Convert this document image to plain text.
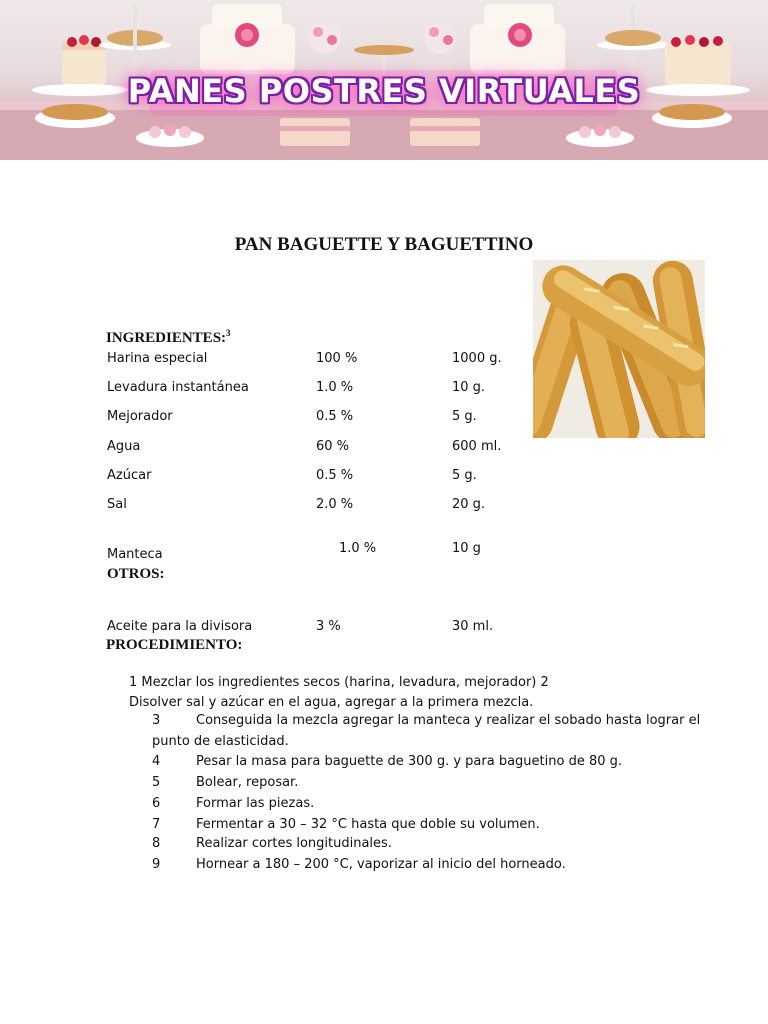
PANES POSTRES VIRTUALES
PAN BAGUETTE Y BAGUETTINO
INGREDIENTES:$^3$
Harina especial	100 %	1000 g.
Levadura instantánea	1.0 %	10 g.
Mejorador	0.5 %	5 g.
Agua	60 %	600 ml.
Azúcar	0.5 %	5 g.
Sal	2.0 %	20 g.
Manteca	1.0 %	10 g
OTROS:
Aceite para la divisora	3 %	30 ml.
PROCEDIMIENTO:
1 Mezclar los ingredientes secos (harina, levadura, mejorador) 2
Disolver sal y azúcar en el agua, agregar a la primera mezcla.
3	Conseguida la mezcla agregar la manteca y realizar el sobado hasta lograr el
punto de elasticidad.
4	Pesar la masa para baguette de 300 g. y para baguetino de 80 g.
5	Bolear, reposar.
6	Formar las piezas.
7	Fermentar a 30 – 32 °C hasta que doble su volumen.
8	Realizar cortes longitudinales.
9	Hornear a 180 – 200 °C, vaporizar al inicio del horneado.
